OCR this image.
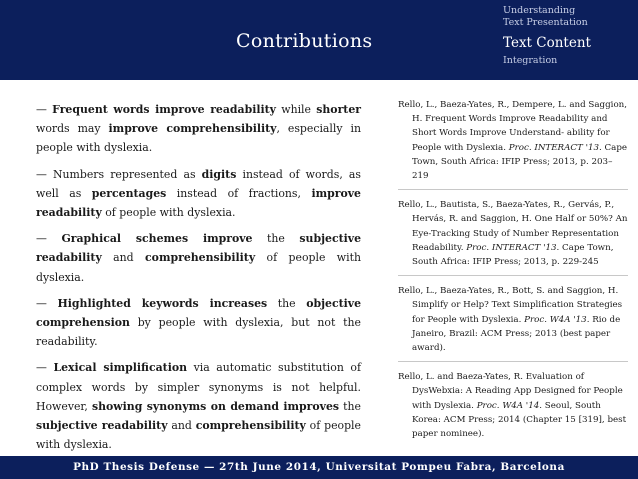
Contributions
Understanding
Text Presentation
Text Content
Integration

— Frequent words improve readability while shorter words may improve comprehensibility, especially in people with dyslexia.

— Numbers represented as digits instead of words, as well as percentages instead of fractions, improve readability of people with dyslexia.

— Graphical schemes improve the subjective readability and comprehensibility of people with dyslexia.

— Highlighted keywords increases the objective comprehension by people with dyslexia, but not the readability.

— Lexical simplification via automatic substitution of complex words by simpler synonyms is not helpful. However, showing synonyms on demand improves the subjective readability and comprehensibility of people with dyslexia.

Rello, L., Baeza-Yates, R., Dempere, L. and Saggion, H. Frequent Words Improve Readability and Short Words Improve Understand- ability for People with Dyslexia. Proc. INTERACT '13. Cape Town, South Africa: IFIP Press; 2013, p. 203–219

Rello, L., Bautista, S., Baeza-Yates, R., Gervás, P., Hervás, R. and Saggion, H. One Half or 50%? An Eye-Tracking Study of Number Representation Readability. Proc. INTERACT '13. Cape Town, South Africa: IFIP Press; 2013, p. 229-245

Rello, L., Baeza-Yates, R., Bott, S. and Saggion, H. Simplify or Help? Text Simplification Strategies for People with Dyslexia. Proc. W4A '13. Rio de Janeiro, Brazil: ACM Press; 2013 (best paper award).

Rello, L. and Baeza-Yates, R. Evaluation of DysWebxia: A Reading App Designed for People with Dyslexia. Proc. W4A '14. Seoul, South Korea: ACM Press; 2014 (Chapter 15 [319], best paper nominee).

PhD Thesis Defense — 27th June 2014, Universitat Pompeu Fabra, Barcelona
